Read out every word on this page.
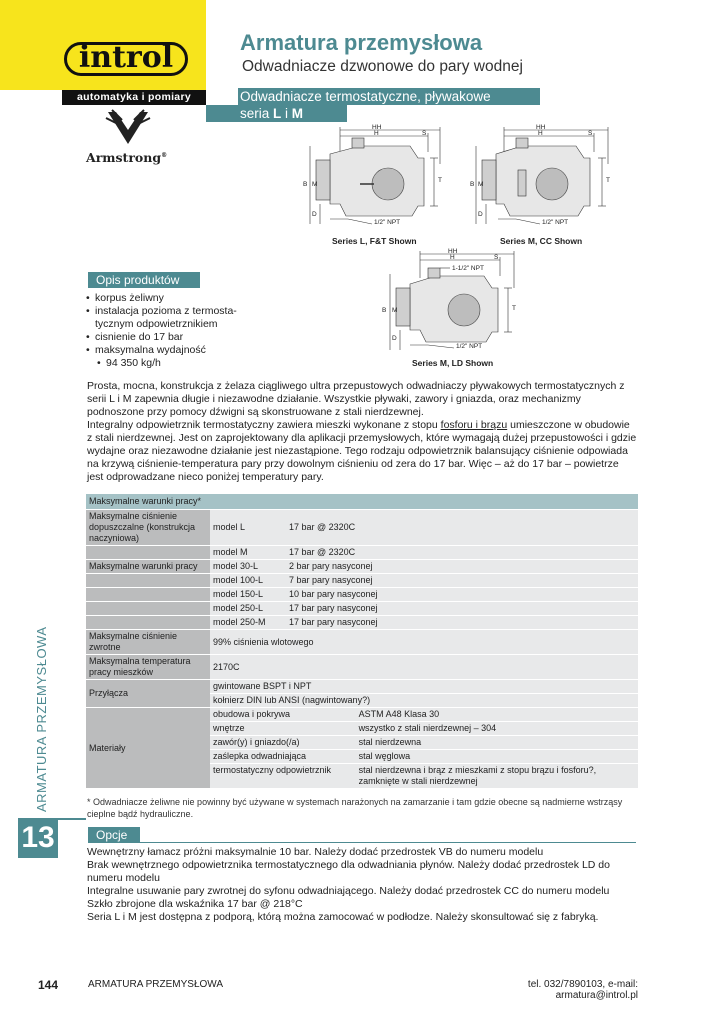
introl
automatyka i pomiary
Armstrong®
Armatura przemysłowa
Odwadniacze dzwonowe do pary wodnej
Odwadniacze termostatyczne, pływakowe
seria L i M
HH
H	S
T
B M
D
1/2" NPT
Series L, F&T Shown
HH
H	S
T
B M
D
1/2" NPT
Series M, CC Shown
HH
H	S
1-1/2" NPT
T
B M
D
1/2" NPT
Series M, LD Shown
Opis produktów
• korpus żeliwny
• instalacja pozioma z termosta-tycznym odpowietrznikiem
• cisnienie do 17 bar
• maksymalna wydajność
• 94 350 kg/h

Prosta, mocna, konstrukcja z żelaza ciągliwego ultra przepustowych odwadniaczy pływakowych termostatycznych z serii L i M zapewnia długie i niezawodne działanie. Wszystkie pływaki, zawory i gniazda, oraz mechanizmy podnoszone przy pomocy dźwigni są skonstruowane z stali nierdzewnej.

Integralny odpowietrznik termostatyczny zawiera mieszki wykonane z stopu fosforu i brązu umieszczone w obudowie z stali nierdzewnej. Jest on zaprojektowany dla aplikacji przemysłowych, które wymagają dużej przepustowości i gdzie wydajne oraz niezawodne działanie jest niezastąpione. Tego rodzaju odpowietrznik balansujący ciśnienie odpowiada na krzywą ciśnienie-temperatura pary przy dowolnym ciśnieniu od zera do 17 bar. Więc – aż do 17 bar – powietrze jest odprowadzane nieco poniżej temperatury pary.

Maksymalne warunki pracy*			
Maksymalne ciśnienie dopuszczalne (konstrukcja naczyniowa)	model L	17 bar @ 2320C	
	model M	17 bar @ 2320C	
Maksymalne warunki pracy	model 30-L	2 bar pary nasyconej	
	model 100-L	7 bar pary nasyconej	
	model 150-L	10 bar pary nasyconej	
	model 250-L	17 bar pary nasyconej	
	model 250-M	17 bar pary nasyconej	
Maksymalne ciśnienie zwrotne	99% ciśnienia wlotowego		
Maksymalna temperatura pracy mieszków	2170C		
Przyłącza	gwintowane BSPT i NPT		
	kołnierz DIN lub ANSI (nagwintowany?)		
Materiały	obudowa i pokrywa		ASTM A48 Klasa 30
	wnętrze		wszystko z stali nierdzewnej – 304
	zawór(y) i gniazdo(/a)		stal nierdzewna
	zaślepka odwadniająca		stal węglowa
	termostatyczny odpowietrznik		stal nierdzewna i brąz z mieszkami z stopu brązu i fosforu?,
zamknięte w stali nierdzewnej
* Odwadniacze żeliwne nie powinny być używane w systemach narażonych na zamarzanie i tam gdzie obecne są nadmierne wstrząsy cieplne bądź hydrauliczne.
Opcje
Wewnętrzny łamacz próżni maksymalnie 10 bar. Należy dodać przedrostek VB do numeru modelu
Brak wewnętrznego odpowietrznika termostatycznego dla odwadniania płynów. Należy dodać przedrostek LD do numeru modelu
Integralne usuwanie pary zwrotnej do syfonu odwadniającego. Należy dodać przedrostek CC do numeru modelu
Szkło zbrojone dla wskaźnika 17 bar @ 218°C
Seria L i M jest dostępna z podporą, którą można zamocować w podłodze. Należy skonsultować się z fabryką.
ARMATURA PRZEMYSŁOWA
13
144	ARMATURA PRZEMYSŁOWA	tel. 032/7890103, e-mail: armatura@introl.pl
